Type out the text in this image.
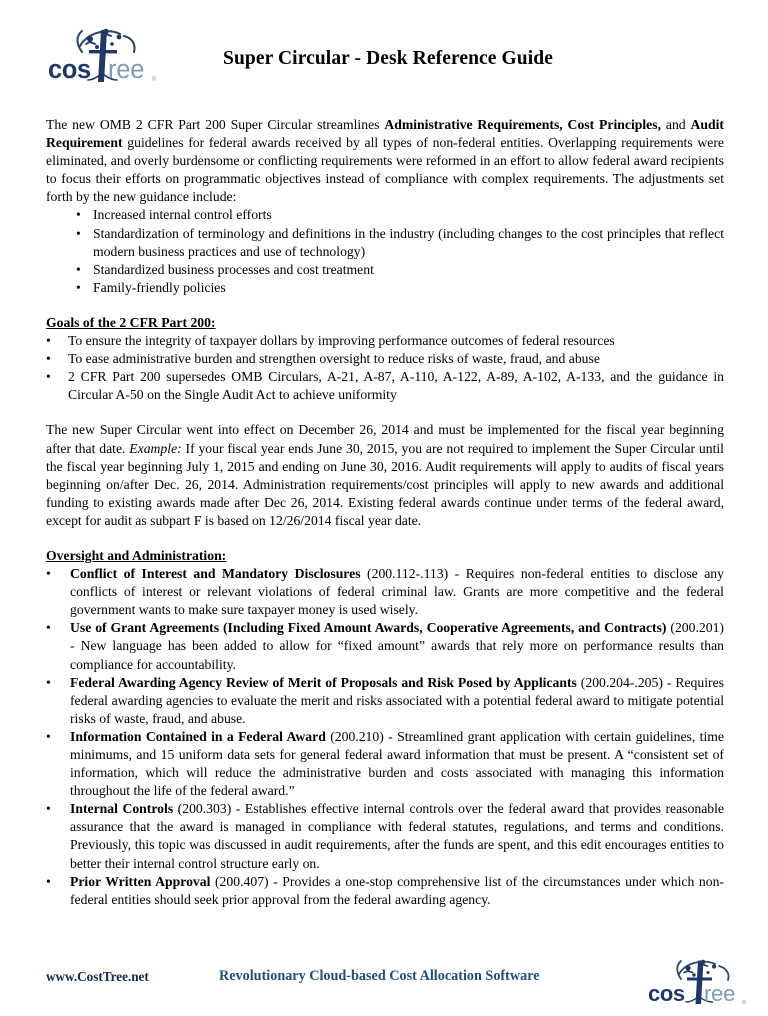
cos ree ®
Super Circular - Desk Reference Guide

The new OMB 2 CFR Part 200 Super Circular streamlines Administrative Requirements, Cost Principles, and Audit Requirement guidelines for federal awards received by all types of non-federal entities. Overlapping requirements were eliminated, and overly burdensome or conflicting requirements were reformed in an effort to allow federal award recipients to focus their efforts on programmatic objectives instead of compliance with complex requirements. The adjustments set forth by the new guidance include:

• Increased internal control efforts
• Standardization of terminology and definitions in the industry (including changes to the cost principles that reflect modern business practices and use of technology)
• Standardized business processes and cost treatment
• Family-friendly policies
Goals of the 2 CFR Part 200:
• To ensure the integrity of taxpayer dollars by improving performance outcomes of federal resources
• To ease administrative burden and strengthen oversight to reduce risks of waste, fraud, and abuse
• 2 CFR Part 200 supersedes OMB Circulars, A-21, A-87, A-110, A-122, A-89, A-102, A-133, and the guidance in Circular A-50 on the Single Audit Act to achieve uniformity

The new Super Circular went into effect on December 26, 2014 and must be implemented for the fiscal year beginning after that date. Example: If your fiscal year ends June 30, 2015, you are not required to implement the Super Circular until the fiscal year beginning July 1, 2015 and ending on June 30, 2016. Audit requirements will apply to audits of fiscal years beginning on/after Dec. 26, 2014. Administration requirements/cost principles will apply to new awards and additional funding to existing awards made after Dec 26, 2014. Existing federal awards continue under terms of the federal award, except for audit as subpart F is based on 12/26/2014 fiscal year date.

Oversight and Administration:
• Conflict of Interest and Mandatory Disclosures (200.112-.113) - Requires non-federal entities to disclose any conflicts of interest or relevant violations of federal criminal law. Grants are more competitive and the federal government wants to make sure taxpayer money is used wisely.
• Use of Grant Agreements (Including Fixed Amount Awards, Cooperative Agreements, and Contracts) (200.201) - New language has been added to allow for “fixed amount” awards that rely more on performance results than compliance for accountability.
• Federal Awarding Agency Review of Merit of Proposals and Risk Posed by Applicants (200.204-.205) - Requires federal awarding agencies to evaluate the merit and risks associated with a potential federal award to mitigate potential risks of waste, fraud, and abuse.
• Information Contained in a Federal Award (200.210) - Streamlined grant application with certain guidelines, time minimums, and 15 uniform data sets for general federal award information that must be present. A “consistent set of information, which will reduce the administrative burden and costs associated with managing this information throughout the life of the federal award.”
• Internal Controls (200.303) - Establishes effective internal controls over the federal award that provides reasonable assurance that the award is managed in compliance with federal statutes, regulations, and terms and conditions. Previously, this topic was discussed in audit requirements, after the funds are spent, and this edit encourages entities to better their internal control structure early on.
• Prior Written Approval (200.407) - Provides a one-stop comprehensive list of the circumstances under which non-federal entities should seek prior approval from the federal awarding agency.
www.CostTree.net	Revolutionary Cloud-based Cost Allocation Software
cos ree ®
